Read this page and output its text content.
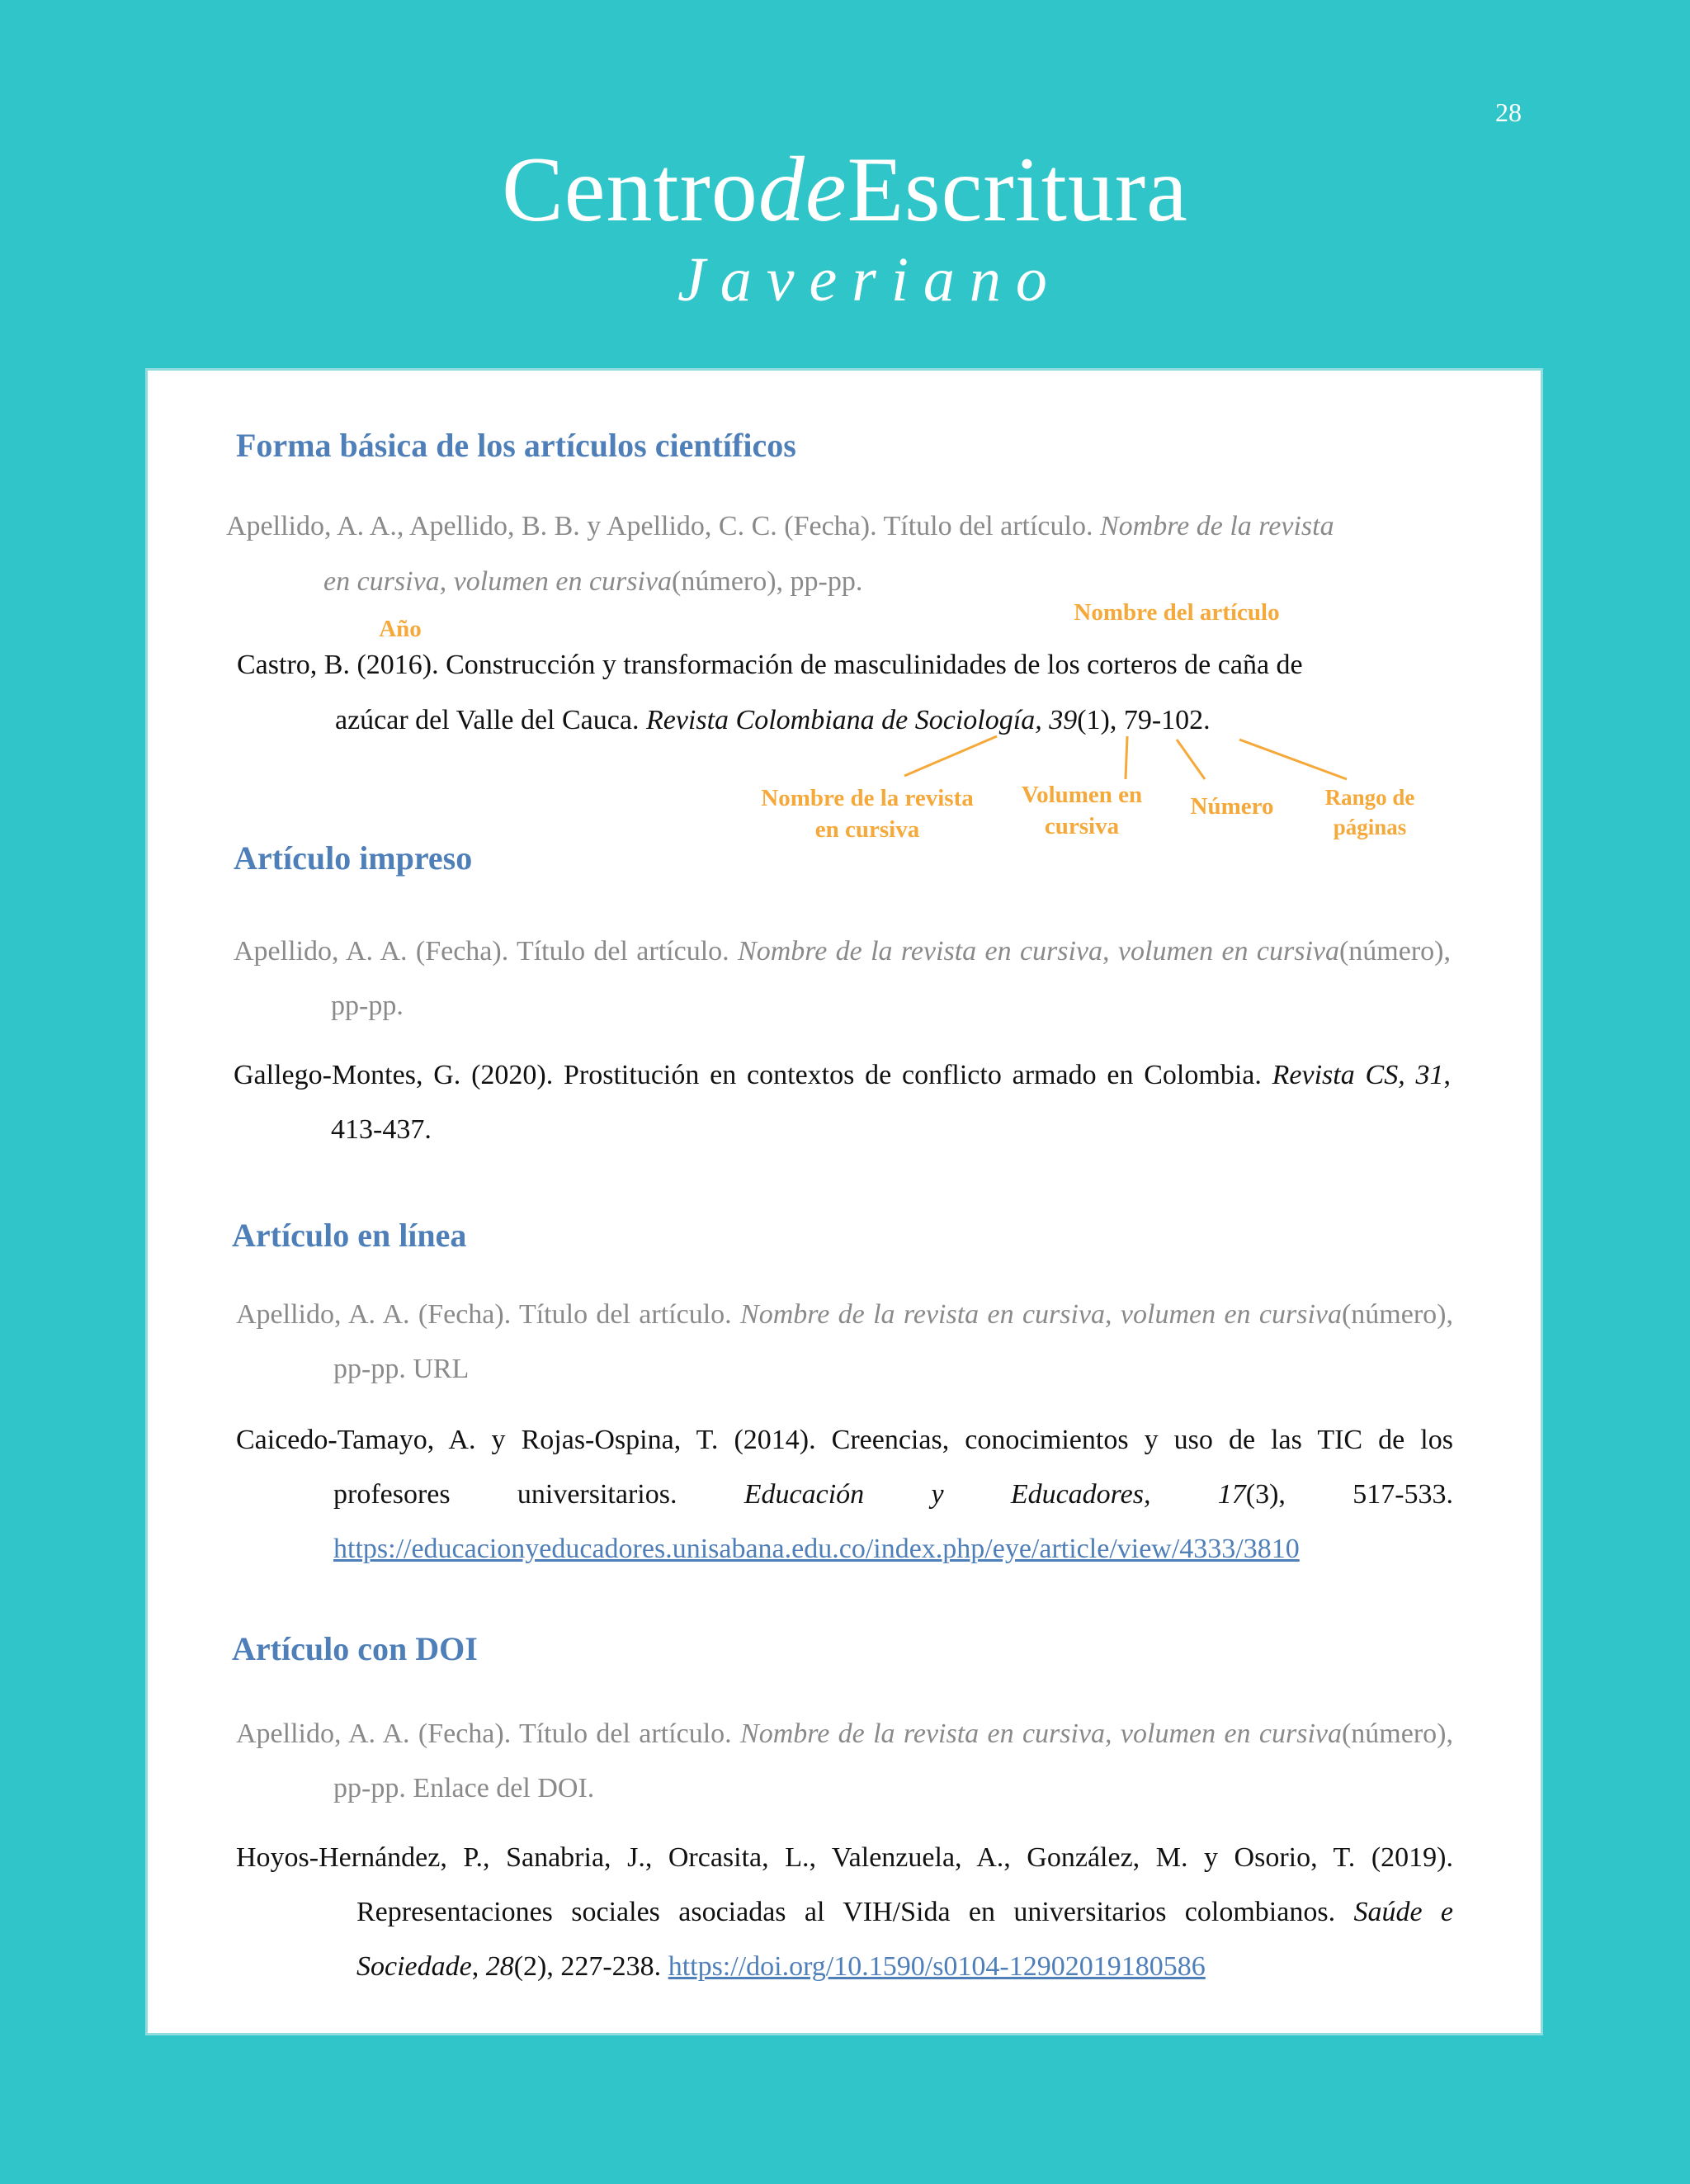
28
CentrodeEscritura
Javeriano
Forma básica de los artículos científicos

Apellido, A. A., Apellido, B. B. y Apellido, C. C. (Fecha). Título del artículo. Nombre de la revista

en cursiva, volumen en cursiva(número), pp-pp.

Año
Nombre del artículo

Castro, B. (2016). Construcción y transformación de masculinidades de los corteros de caña de

azúcar del Valle del Cauca. Revista Colombiana de Sociología, 39(1), 79-102.

Nombre de la revista en cursiva
Volumen en cursiva
Número	Rango de páginas
Artículo impreso

Apellido, A. A. (Fecha). Título del artículo. Nombre de la revista en cursiva, volumen en cursiva(número), pp-pp.

Gallego-Montes, G. (2020). Prostitución en contextos de conflicto armado en Colombia. Revista CS, 31, 413-437.

Artículo en línea

Apellido, A. A. (Fecha). Título del artículo. Nombre de la revista en cursiva, volumen en cursiva(número), pp-pp. URL

Caicedo-Tamayo, A. y Rojas-Ospina, T. (2014). Creencias, conocimientos y uso de las TIC de los profesores universitarios. Educación y Educadores, 17(3), 517-533. https://educacionyeducadores.unisabana.edu.co/index.php/eye/article/view/4333/3810

Artículo con DOI

Apellido, A. A. (Fecha). Título del artículo. Nombre de la revista en cursiva, volumen en cursiva(número), pp-pp. Enlace del DOI.

Hoyos-Hernández, P., Sanabria, J., Orcasita, L., Valenzuela, A., González, M. y Osorio, T. (2019). Representaciones sociales asociadas al VIH/Sida en universitarios colombianos. Saúde e Sociedade, 28(2), 227-238. https://doi.org/10.1590/s0104-12902019180586
